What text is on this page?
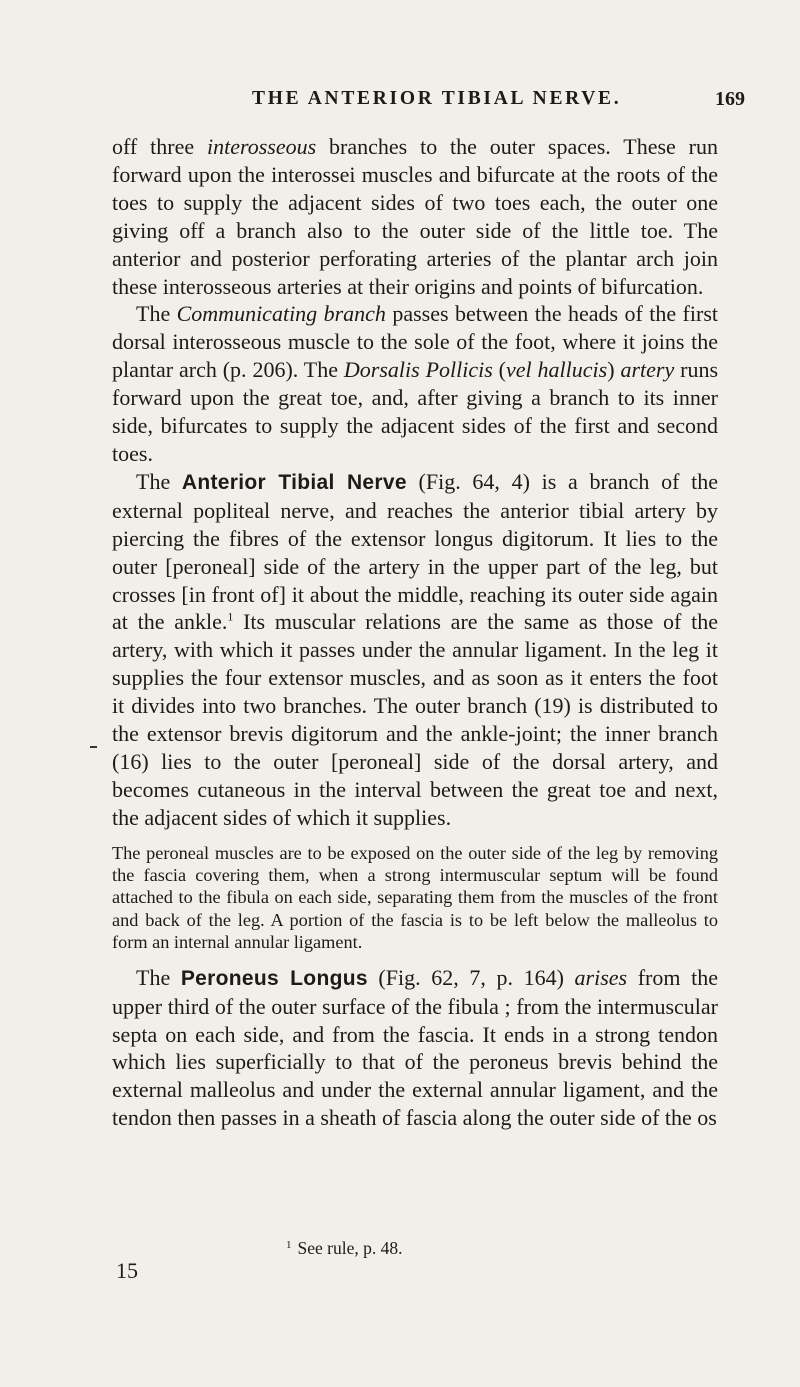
THE ANTERIOR TIBIAL NERVE.	169

off three interosseous branches to the outer spaces. These run forward upon the interossei muscles and bifurcate at the roots of the toes to supply the adjacent sides of two toes each, the outer one giving off a branch also to the outer side of the little toe. The anterior and posterior perforating arteries of the plantar arch join these interosseous arteries at their origins and points of bifurcation.

The Communicating branch passes between the heads of the first dorsal interosseous muscle to the sole of the foot, where it joins the plantar arch (p. 206). The Dorsalis Pollicis (vel hallucis) artery runs forward upon the great toe, and, after giving a branch to its inner side, bifurcates to supply the adjacent sides of the first and second toes.

The Anterior Tibial Nerve (Fig. 64, 4) is a branch of the external popliteal nerve, and reaches the anterior tibial artery by piercing the fibres of the extensor longus digitorum. It lies to the outer [peroneal] side of the artery in the upper part of the leg, but crosses [in front of] it about the middle, reaching its outer side again at the ankle.$^1$ Its muscular relations are the same as those of the artery, with which it passes under the annular ligament. In the leg it supplies the four extensor muscles, and as soon as it enters the foot it divides into two branches. The outer branch (19) is distributed to the extensor brevis digitorum and the ankle-joint; the inner branch (16) lies to the outer [peroneal] side of the dorsal artery, and becomes cutaneous in the interval between the great toe and next, the adjacent sides of which it supplies.

The peroneal muscles are to be exposed on the outer side of the leg by removing the fascia covering them, when a strong intermuscular septum will be found attached to the fibula on each side, separating them from the muscles of the front and back of the leg. A portion of the fascia is to be left below the malleolus to form an internal annular ligament.

The Peroneus Longus (Fig. 62, 7, p. 164) arises from the upper third of the outer surface of the fibula ; from the intermuscular septa on each side, and from the fascia. It ends in a strong tendon which lies superficially to that of the peroneus brevis behind the external malleolus and under the external annular ligament, and the tendon then passes in a sheath of fascia along the outer side of the os

$^1$ See rule, p. 48.
15
